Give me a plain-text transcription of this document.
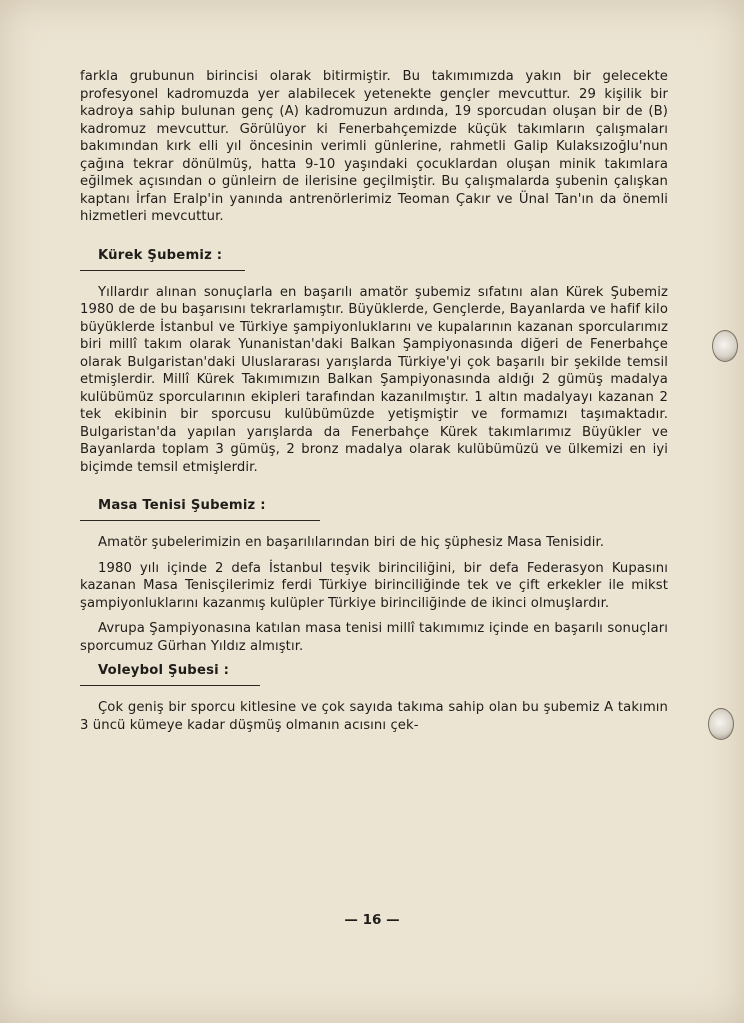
farkla grubunun birincisi olarak bitirmiştir. Bu takımımızda yakın bir gelecekte profesyonel kadromuzda yer alabilecek yetenekte gençler mevcuttur. 29 kişilik bir kadroya sahip bulunan genç (A) kadromuzun ardında, 19 sporcudan oluşan bir de (B) kadromuz mevcuttur. Görülüyor ki Fenerbahçemizde küçük takımların çalışmaları bakımından kırk elli yıl öncesinin verimli günlerine, rahmetli Galip Kulaksızoğlu'nun çağına tekrar dönülmüş, hatta 9-10 yaşındaki çocuklardan oluşan minik takımlara eğilmek açısından o günleirn de ilerisine geçilmiştir. Bu çalışmalarda şubenin çalışkan kaptanı İrfan Eralp'in yanında antrenörlerimiz Teoman Çakır ve Ünal Tan'ın da önemli hizmetleri mevcuttur.

Kürek Şubemiz :

Yıllardır alınan sonuçlarla en başarılı amatör şubemiz sıfatını alan Kürek Şubemiz 1980 de de bu başarısını tekrarlamıştır. Büyüklerde, Gençlerde, Bayanlarda ve hafif kilo büyüklerde İstanbul ve Türkiye şampiyonluklarını ve kupalarının kazanan sporcularımız biri millî takım olarak Yunanistan'daki Balkan Şampiyonasında diğeri de Fenerbahçe olarak Bulgaristan'daki Uluslararası yarışlarda Türkiye'yi çok başarılı bir şekilde temsil etmişlerdir. Millî Kürek Takımımızın Balkan Şampiyonasında aldığı 2 gümüş madalya kulübümüz sporcularının ekipleri tarafından kazanılmıştır. 1 altın madalyayı kazanan 2 tek ekibinin bir sporcusu kulübümüzde yetişmiştir ve formamızı taşımaktadır. Bulgaristan'da yapılan yarışlarda da Fenerbahçe Kürek takımlarımız Büyükler ve Bayanlarda toplam 3 gümüş, 2 bronz madalya olarak kulübümüzü ve ülkemizi en iyi biçimde temsil etmişlerdir.

Masa Tenisi Şubemiz :

Amatör şubelerimizin en başarılılarından biri de hiç şüphesiz Masa Tenisidir.

1980 yılı içinde 2 defa İstanbul teşvik birinciliğini, bir defa Federasyon Kupasını kazanan Masa Tenisçilerimiz ferdi Türkiye birinciliğinde tek ve çift erkekler ile mikst şampiyonluklarını kazanmış kulüpler Türkiye birinciliğinde de ikinci olmuşlardır.

Avrupa Şampiyonasına katılan masa tenisi millî takımımız içinde en başarılı sonuçları sporcumuz Gürhan Yıldız almıştır.

Voleybol Şubesi :

Çok geniş bir sporcu kitlesine ve çok sayıda takıma sahip olan bu şubemiz A takımın 3 üncü kümeye kadar düşmüş olmanın acısını çek-

— 16 —
